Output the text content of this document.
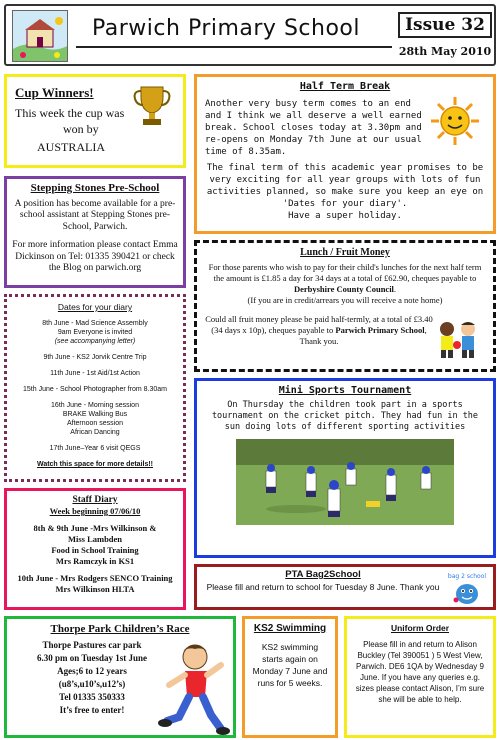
Parwich Primary School	Issue 32
28th May 2010
Cup Winners!
This week the cup was
won by
AUSTRALIA
Stepping Stones Pre-School

A position has become available for a pre-school assistant at Stepping Stones pre-School, Parwich.

For more information please contact Emma Dickinson on Tel: 01335 390421 or check the Blog on parwich.org

Dates for your diary
8th June - Mad Science Assembly
9am Everyone is invited
(see accompanying letter)
9th June - KS2 Jorvik Centre Trip
11th June - 1st Aid/1st Action
15th June - School Photographer from 8.30am
16th June - Morning session
BRAKE Walking Bus
Afternoon session
African Dancing
17th June–Year 6 visit QEGS
Watch this space for more details!!
Staff Diary
Week beginning 07/06/10
8th & 9th June -Mrs Wilkinson &
Miss Lambden
Food in School Training
Mrs Ramczyk in KS1
10th June - Mrs Rodgers SENCO Training
Mrs Wilkinson HLTA
Thorpe Park Children’s Race
Thorpe Pastures car park
6.30 pm on Tuesday 1st June
Ages;6 to 12 years
(u8’s,u10’s,u12’s)
Tel 01335 350333
It’s free to enter!
Half Term Break
Another very busy term comes to an end and I think we all deserve a well earned break. School closes today at 3.30pm and re-opens on Monday 7th June at our usual time of 8.35am.
The final term of this academic year promises to be very exciting for all year groups with lots of fun activities planned, so make sure you keep an eye on
'Dates for your diary'.
Have a super holiday.
Lunch / Fruit Money
For those parents who wish to pay for their child's lunches for the next half term the amount is £1.85 a day for 34 days at a total of £62.90, cheques payable to Derbyshire County Council.
(If you are in credit/arrears you will receive a note home)
Could all fruit money please be paid half-termly, at a total of £3.40 (34 days x 10p), cheques payable to Parwich Primary School, Thank you.
Mini Sports Tournament
On Thursday the children took part in a sports tournament on the cricket pitch. They had fun in the sun doing lots of different sporting activities
PTA Bag2School
Please fill and return to school for Tuesday 8 June. Thank you
bag 2 school
KS2 Swimming
KS2 swimming starts again on Monday 7 June and runs for 5 weeks.
Uniform Order
Please fill in and return to Alison Buckley (Tel 390051 ) 5 West View, Parwich. DE6 1QA by Wednesday 9 June. If you have any queries e.g. sizes please contact Alison, I’m sure she will be able to help.
